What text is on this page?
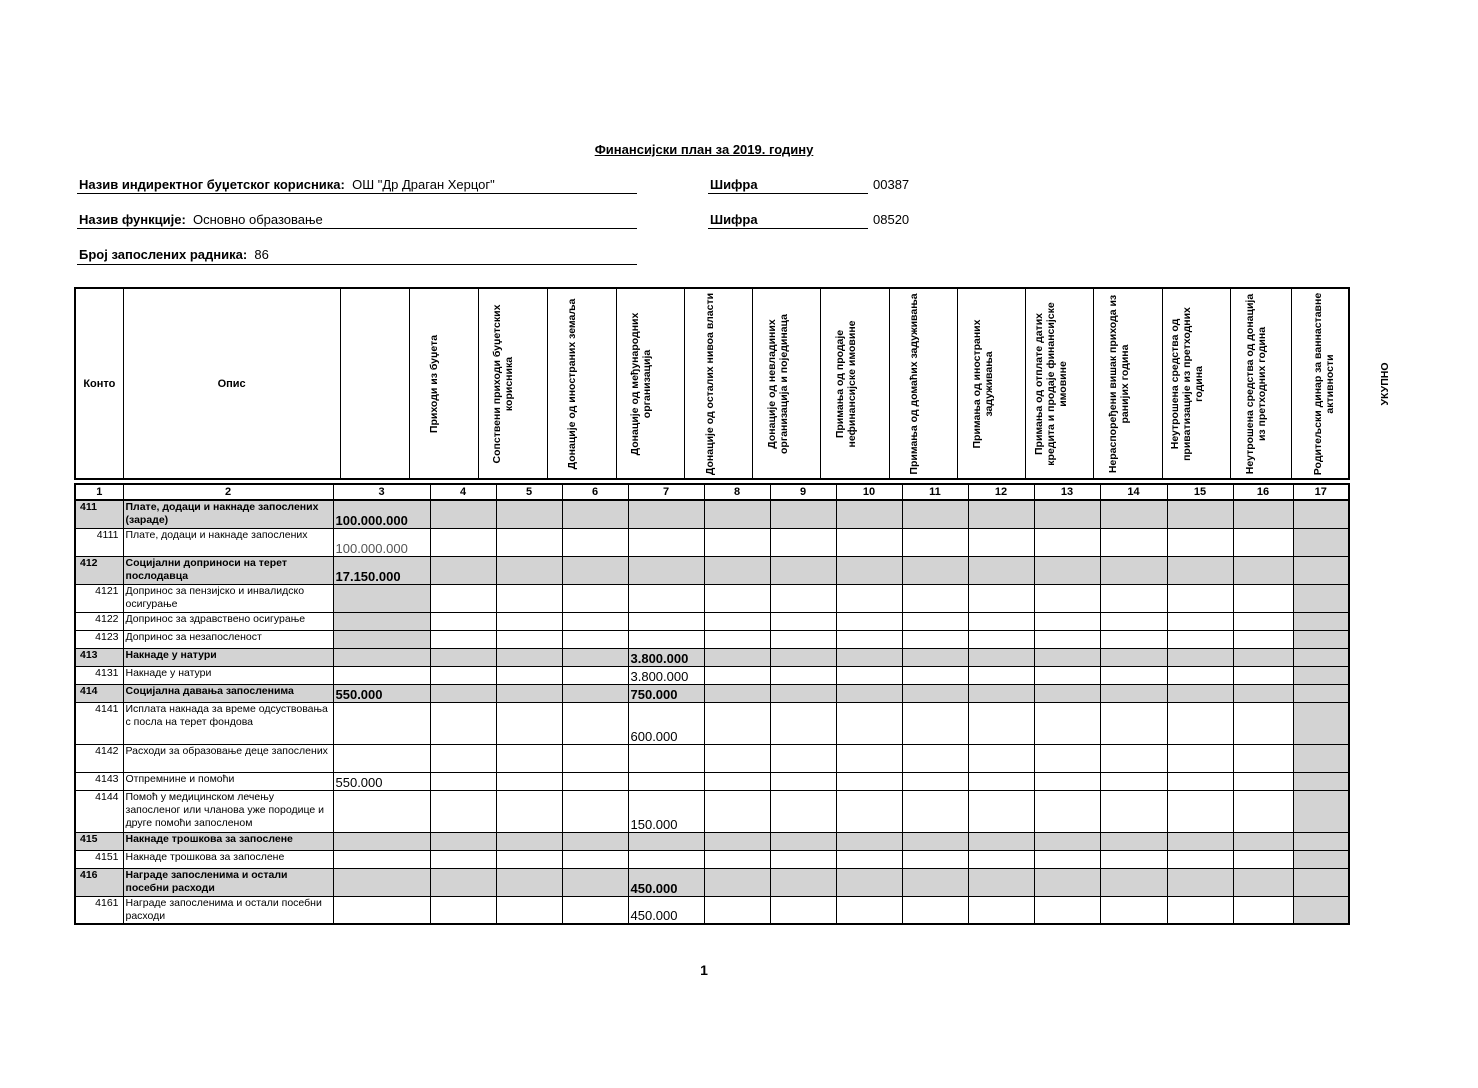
Финансијски план за 2019. годину
Назив индиректног буџетског корисника: ОШ "Др Драган Херцог"	Шифра	00387
Назив функције: Основно образовање	Шифра	08520
Број запослених радника: 86
Конто	Опис	Приходи из буџета	Сопствени приходи буџетских корисника	Донације од иностраних земаља	Донације од међународних организација	Донације од осталих нивоа власти	Донације од невладиних организација и појединаца	Примања од продаје нефинансијске имовине	Примања од домаћих задуживања	Примања од иностраних задуживања	Примања од отплате датих кредита и продаје финансијске имовине	Нераспоређени вишак прихода из ранијих година	Неутрошена средства од приватизације из претходних година	Неутрошена средства од донација из претходних година	Родитељски динар за ваннаставне активности	УКУПНО
1	2	3	4	5	6	7	8	9	10	11	12	13	14	15	16	17
411	Плате, додаци и накнаде запослених (зараде)	100.000.000														
4111	Плате, додаци и накнаде запослених	100.000.000														
412	Социјални доприноси на терет послодавца	17.150.000														
4121	Допринос за пензијско и инвалидско осигурање															
4122	Допринос за здравствено осигурање															
4123	Допринос за незапосленост															
413	Накнаде у натури					3.800.000										
4131	Накнаде у натури					3.800.000										
414	Социјална давања запосленима	550.000				750.000										
4141	Исплата накнада за време одсуствовања с посла на терет фондова					600.000										
4142	Расходи за образовање деце запослених															
4143	Отпремнине и помоћи	550.000														
4144	Помоћ у медицинском лечењу запосленог или чланова уже породице и друге помоћи запосленом					150.000										
415	Накнаде трошкова за запослене															
4151	Накнаде трошкова за запослене															
416	Награде запосленима и остали посебни расходи					450.000										
4161	Награде запосленима и остали посебни расходи					450.000										
1
